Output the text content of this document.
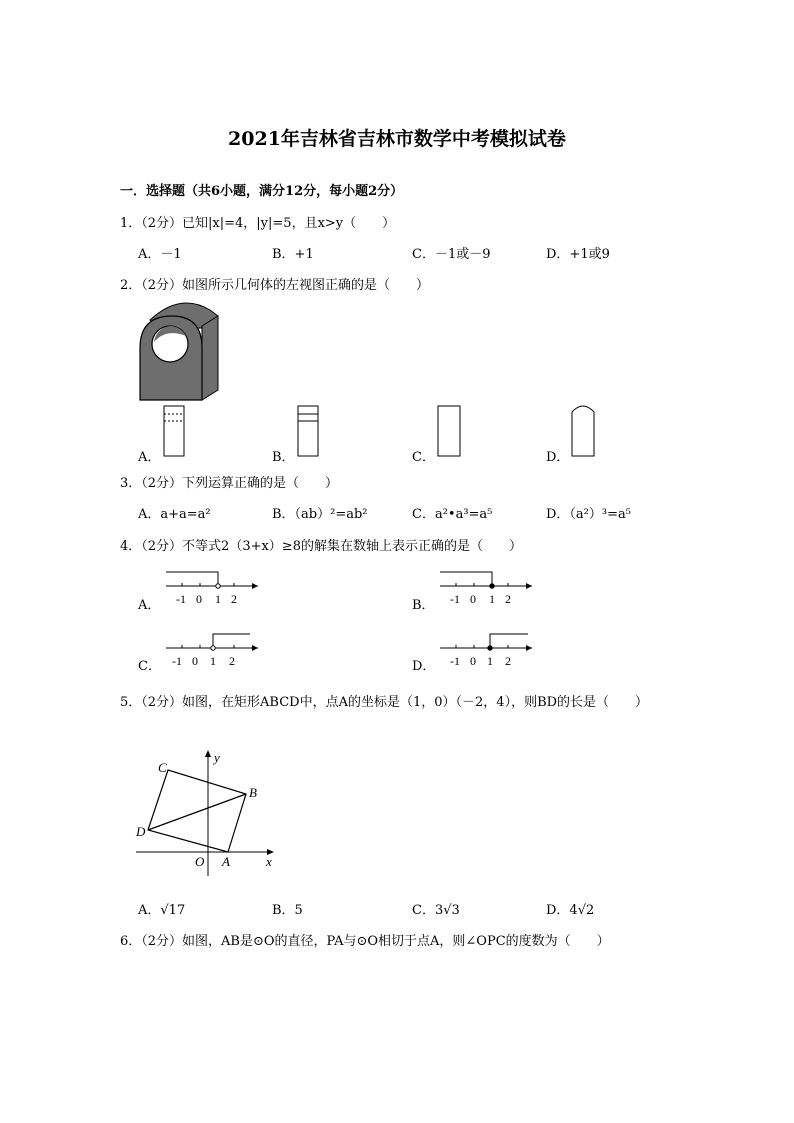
2021年吉林省吉林市数学中考模拟试卷
一．选择题（共6小题，满分12分，每小题2分）
1．（2分）已知|x|=4，|y|=5，且x>y（　　）
A．－1	B．+1	C．－1或－9	D．+1或9
2．（2分）如图所示几何体的左视图正确的是（　　）
A．	B．	C．	D．
3．（2分）下列运算正确的是（　　）
A．a+a=a²	B．（ab）²=ab²	C．a²•a³=a⁵	D．（a²）³=a⁵
4．（2分）不等式2（3+x）≥8的解集在数轴上表示正确的是（　　）
A． -1 0 1 2	B． -1 0 1 2
C． -1 0 1 2	D． -1 0 1 2
5．（2分）如图，在矩形ABCD中，点A的坐标是（1，0）（－2，4），则BD的长是（　　）
y
x
C
B
D
O A
A．√17	B．5	C．3√3	D．4√2
6．（2分）如图，AB是⊙O的直径，PA与⊙O相切于点A，则∠OPC的度数为（　　）
